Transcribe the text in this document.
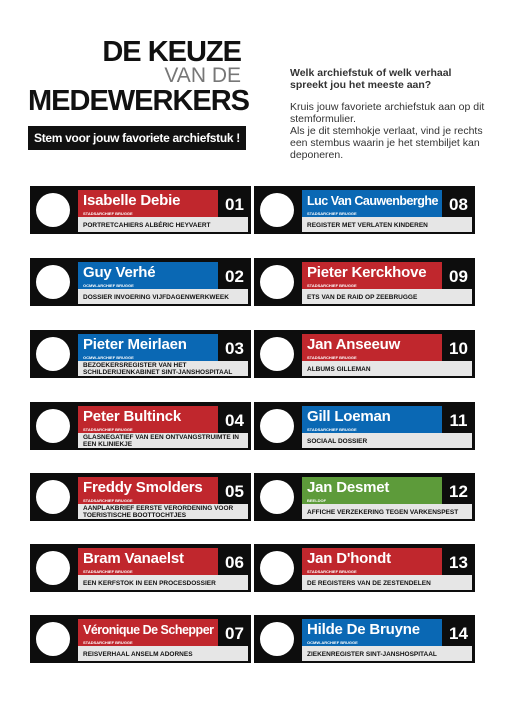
DE KEUZE
VAN DE
MEDEWERKERS
Stem voor jouw favoriete archiefstuk !

Welk archiefstuk of welk verhaal spreekt jou het meeste aan?

Kruis jouw favoriete archiefstuk aan op dit stemformulier.

Als je dit stemhokje verlaat, vind je rechts een stembus waarin je het stembiljet kan deponeren.

Isabelle Debie
STADSARCHIEF BRUGGE
PORTRETCAHIERS ALBÉRIC HEYVAERT
01
Guy Verhé
OCMW-ARCHIEF BRUGGE
DOSSIER INVOERING VIJFDAGENWERKWEEK
02
Pieter Meirlaen
OCMW-ARCHIEF BRUGGE
BEZOEKERSREGISTER VAN HET SCHILDERIJENKABINET SINT-JANSHOSPITAAL
03
Peter Bultinck
STADSARCHIEF BRUGGE
GLASNEGATIEF VAN EEN ONTVANGSTRUIMTE IN EEN KLINIEKJE
04
Freddy Smolders
STADSARCHIEF BRUGGE
AANPLAKBRIEF EERSTE VERORDENING VOOR TOERISTISCHE BOOTTOCHTJES
05
Bram Vanaelst
STADSARCHIEF BRUGGE
EEN KERFSTOK IN EEN PROCESDOSSIER
06
Véronique De Schepper
STADSARCHIEF BRUGGE
REISVERHAAL ANSELM ADORNES
07
Luc Van Cauwenberghe
STADSARCHIEF BRUGGE
REGISTER MET VERLATEN KINDEREN
08
Pieter Kerckhove
STADSARCHIEF BRUGGE
ETS VAN DE RAID OP ZEEBRUGGE
09
Jan Anseeuw
STADSARCHIEF BRUGGE
ALBUMS GILLEMAN
10
Gill Loeman
STADSARCHIEF BRUGGE
SOCIAAL DOSSIER
11
Jan Desmet
BEELDOF
AFFICHE VERZEKERING TEGEN VARKENSPEST
12
Jan D'hondt
STADSARCHIEF BRUGGE
DE REGISTERS VAN DE ZESTENDELEN
13
Hilde De Bruyne
OCMW-ARCHIEF BRUGGE
ZIEKENREGISTER SINT-JANSHOSPITAAL
14
